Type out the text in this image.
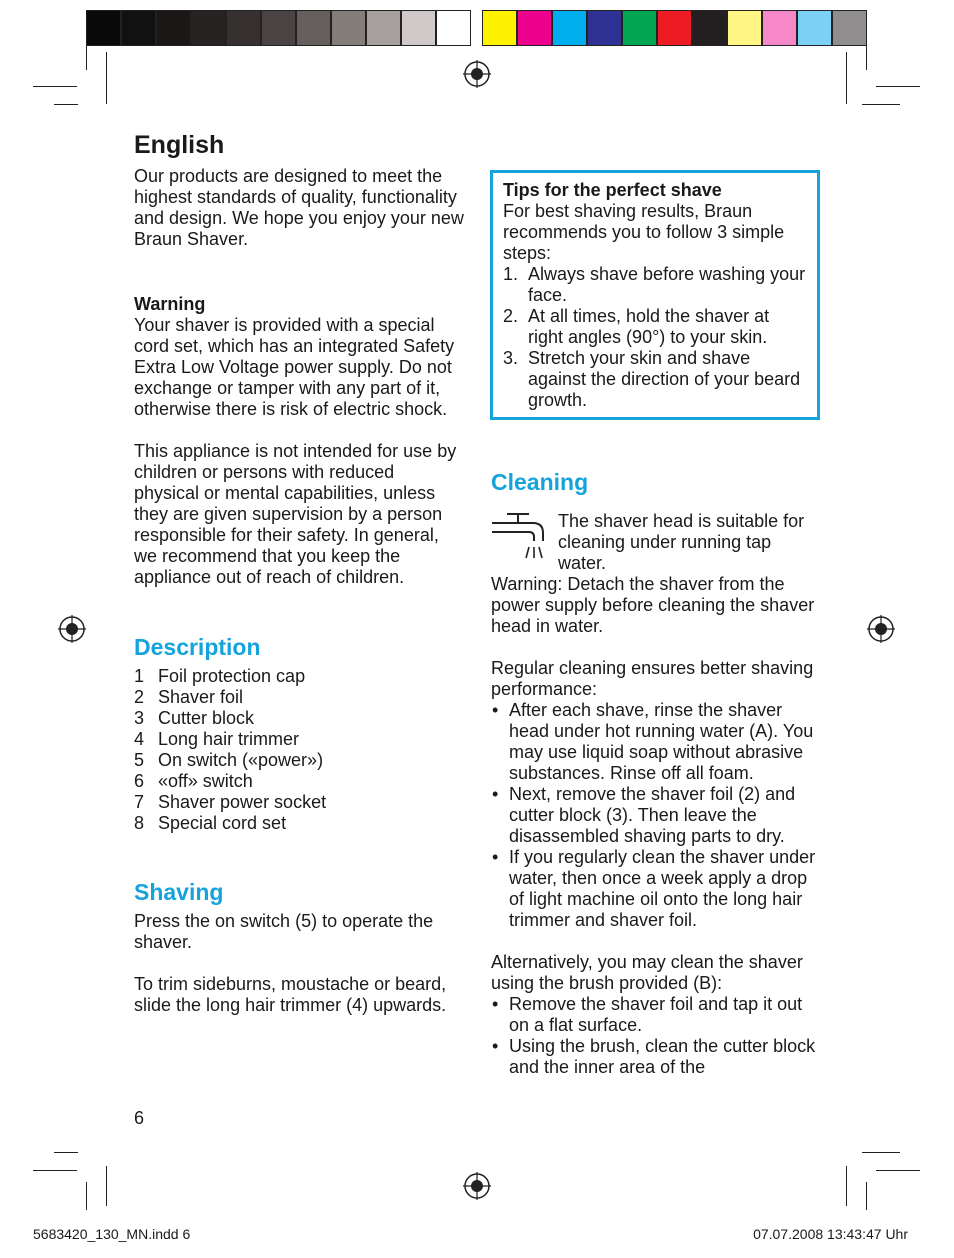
English
Our products are designed to meet the highest standards of quality, functionality and design. We hope you enjoy your new Braun Shaver.
Warning
Your shaver is provided with a special cord set, which has an integrated Safety Extra Low Voltage power supply. Do not exchange or tamper with any part of it, otherwise there is risk of electric shock.
This appliance is not intended for use by children or persons with reduced physical or mental capabilities, unless they are given supervision by a person responsible for their safety. In general, we recommend that you keep the appliance out of reach of children.
Description
1 Foil protection cap
2 Shaver foil
3 Cutter block
4 Long hair trimmer
5 On switch («power»)
6 «off» switch
7 Shaver power socket
8 Special cord set
Shaving
Press the on switch (5) to operate the shaver.
To trim sideburns, moustache or beard, slide the long hair trimmer (4) upwards.
6
Tips for the perfect shave
For best shaving results, Braun recommends you to follow 3 simple steps:
1. Always shave before washing your face.
2. At all times, hold the shaver at right angles (90°) to your skin.
3. Stretch your skin and shave against the direction of your beard growth.
Cleaning
The shaver head is suitable for cleaning under running tap water.
Warning: Detach the shaver from the power supply before cleaning the shaver head in water.
Regular cleaning ensures better shaving performance:
• After each shave, rinse the shaver head under hot running water (A). You may use liquid soap without abrasive substances. Rinse off all foam.
• Next, remove the shaver foil (2) and cutter block (3). Then leave the disassembled shaving parts to dry.
• If you regularly clean the shaver under water, then once a week apply a drop of light machine oil onto the long hair trimmer and shaver foil.
Alternatively, you may clean the shaver using the brush provided (B):
• Remove the shaver foil and tap it out on a flat surface.
• Using the brush, clean the cutter block and the inner area of the
5683420_130_MN.indd 6	07.07.2008 13:43:47 Uhr
